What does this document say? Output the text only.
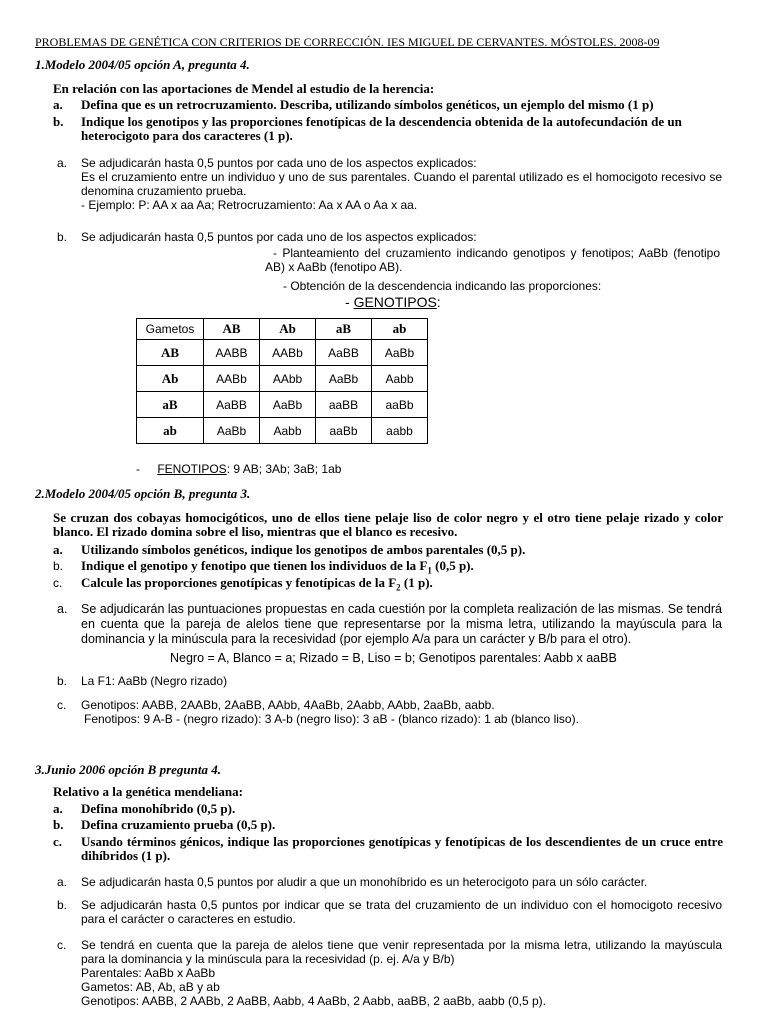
PROBLEMAS DE GENÉTICA CON CRITERIOS DE CORRECCIÓN. IES MIGUEL DE CERVANTES. MÓSTOLES. 2008-09
1.Modelo 2004/05 opción A, pregunta 4.
En relación con las aportaciones de Mendel al estudio de la herencia:
a.	Defina que es un retrocruzamiento. Describa, utilizando símbolos genéticos, un ejemplo del mismo (1 p)
b.	Indique los genotipos y las proporciones fenotípicas de la descendencia obtenida de la autofecundación de un heterocigoto para dos caracteres (1 p).
a.	Se adjudicarán hasta 0,5 puntos por cada uno de los aspectos explicados:
Es el cruzamiento entre un individuo y uno de sus parentales. Cuando el parental utilizado es el homocigoto recesivo se denomina cruzamiento prueba.
- Ejemplo: P: AA x aa Aa; Retrocruzamiento: Aa x AA o Aa x aa.
b.	Se adjudicarán hasta 0,5 puntos por cada uno de los aspectos explicados:
- Planteamiento del cruzamiento indicando genotipos y fenotipos; AaBb (fenotipo AB) x AaBb (fenotipo AB).
- Obtención de la descendencia indicando las proporciones:
- GENOTIPOS:
Gametos	AB	Ab	aB	ab
AB	AABB	AABb	AaBB	AaBb
Ab	AABb	AAbb	AaBb	Aabb
aB	AaBB	AaBb	aaBB	aaBb
ab	AaBb	Aabb	aaBb	aabb
- FENOTIPOS: 9 AB; 3Ab; 3aB; 1ab
2.Modelo 2004/05 opción B, pregunta 3.
Se cruzan dos cobayas homocigóticos, uno de ellos tiene pelaje liso de color negro y el otro tiene pelaje rizado y color blanco. El rizado domina sobre el liso, mientras que el blanco es recesivo.
a.	Utilizando símbolos genéticos, indique los genotipos de ambos parentales (0,5 p).
b.	Indique el genotipo y fenotipo que tienen los individuos de la $F_1$ (0,5 p).
c.	Calcule las proporciones genotípicas y fenotípicas de la $F_2$ (1 p).
a.	Se adjudicarán las puntuaciones propuestas en cada cuestión por la completa realización de las mismas. Se tendrá en cuenta que la pareja de alelos tiene que representarse por la misma letra, utilizando la mayúscula para la dominancia y la minúscula para la recesividad (por ejemplo A/a para un carácter y B/b para el otro).
Negro = A, Blanco = a; Rizado = B, Liso = b; Genotipos parentales: Aabb x aaBB
b.	La F1: AaBb (Negro rizado)
c.	Genotipos: AABB, 2AABb, 2AaBB, AAbb, 4AaBb, 2Aabb, AAbb, 2aaBb, aabb.
Fenotipos: 9 A-B - (negro rizado): 3 A-b (negro liso): 3 aB - (blanco rizado): 1 ab (blanco liso).
3.Junio 2006 opción B pregunta 4.
Relativo a la genética mendeliana:
a.	Defina monohíbrido (0,5 p).
b.	Defina cruzamiento prueba (0,5 p).
c.	Usando términos génicos, indique las proporciones genotípicas y fenotípicas de los descendientes de un cruce entre dihíbridos (1 p).
a.	Se adjudicarán hasta 0,5 puntos por aludir a que un monohíbrido es un heterocigoto para un sólo carácter.
b.	Se adjudicarán hasta 0,5 puntos por indicar que se trata del cruzamiento de un individuo con el homocigoto recesivo para el carácter o caracteres en estudio.
c.	Se tendrá en cuenta que la pareja de alelos tiene que venir representada por la misma letra, utilizando la mayúscula para la dominancia y la minúscula para la recesividad (p. ej. A/a y B/b)
Parentales: AaBb x AaBb
Gametos: AB, Ab, aB y ab
Genotipos: AABB, 2 AABb, 2 AaBB, Aabb, 4 AaBb, 2 Aabb, aaBB, 2 aaBb, aabb (0,5 p).
